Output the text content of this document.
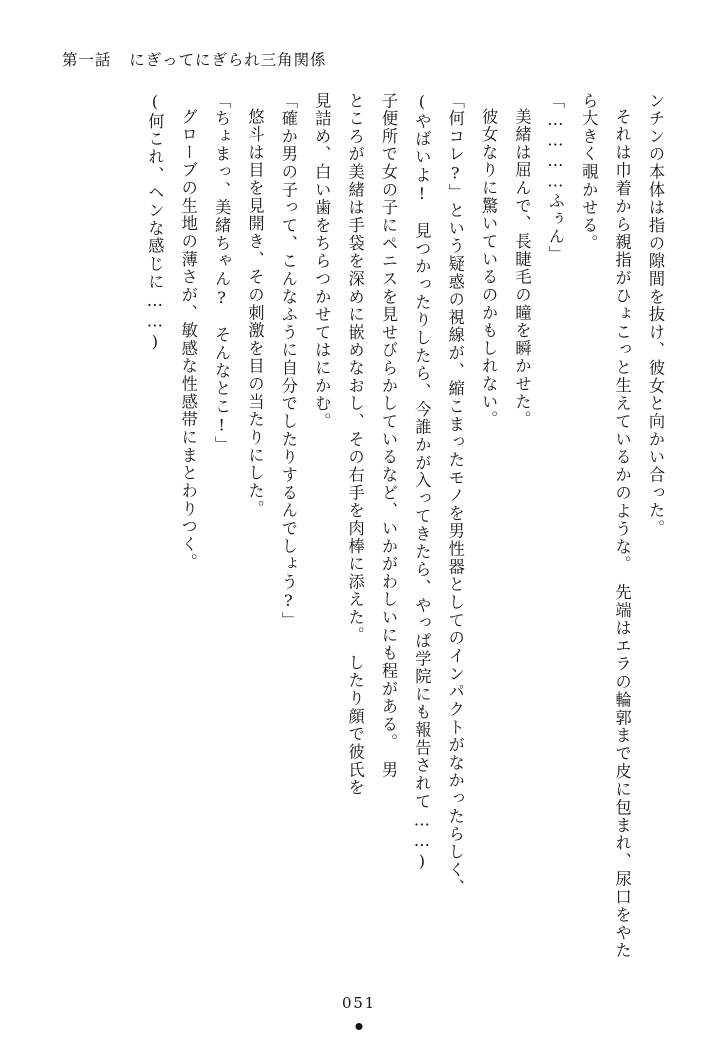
第一話 にぎってにぎられ三角関係

ンチンの本体は指の隙間を抜け、彼女と向かい合った。

それは巾着から親指がひょこっと生えているかのような。　先端はエラの輪郭まで皮に包まれ、尿口をやたら大きく覗かせる。

「…………ふぅん」

美緒は屈んで、長睫毛の瞳を瞬かせた。

彼女なりに驚いているのかもしれない。

「何コレ?」という疑惑の視線が、縮こまったモノを男性器としてのインパクトがなかったらしく、

(やばいよ!　見つかったりしたら、今誰かが入ってきたら、やっぱ学院にも報告されて……)

子便所で女の子にペニスを見せびらかしているなど、いかがわしいにも程がある。　男

ところが美緒は手袋を深めに嵌めなおし、その右手を肉棒に添えた。　したり顔で彼氏を

見詰め、白い歯をちらつかせてはにかむ。

「確か男の子って、こんなふうに自分でしたりするんでしょう?」

悠斗は目を見開き、その刺激を目の当たりにした。

「ちょまっ、美緒ちゃん?　そんなとこ!」

グローブの生地の薄さが、敏感な性感帯にまとわりつく。

(何これ、ヘンな感じに……)

051
